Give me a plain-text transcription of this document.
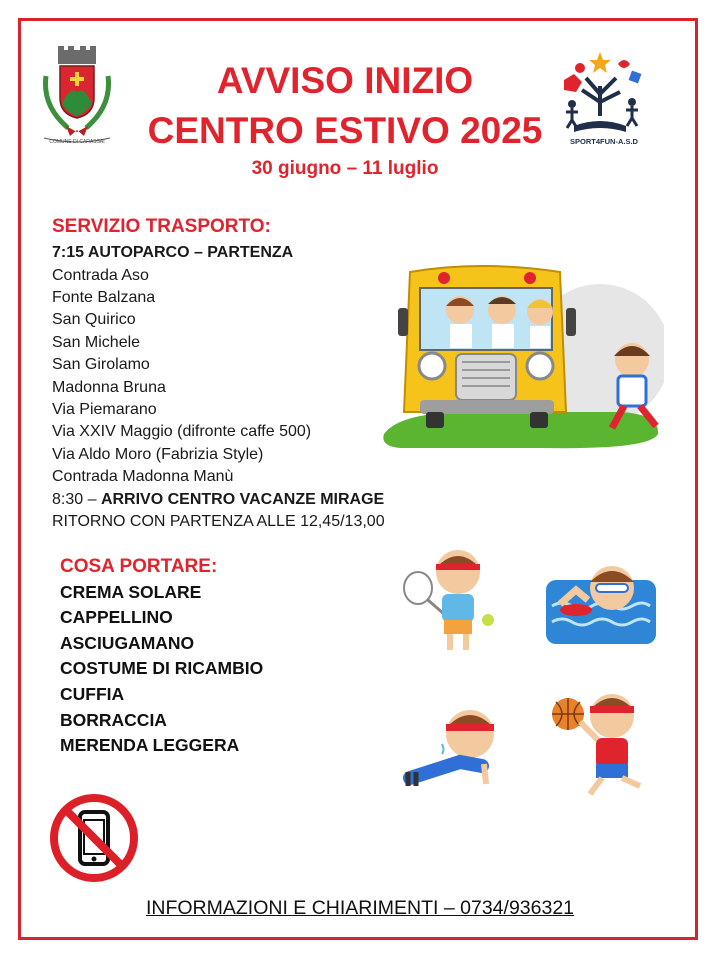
COMUNE DI CARASSAI
AVVISO INIZIO
CENTRO ESTIVO 2025
30 giugno – 11 luglio
SPORT4FUN-A.S.D
SERVIZIO TRASPORTO:
7:15 AUTOPARCO – PARTENZA
Contrada Aso
Fonte Balzana
San Quirico
San Michele
San Girolamo
Madonna Bruna
Via Piemarano
Via XXIV Maggio (difronte caffe 500)
Via Aldo Moro (Fabrizia Style)
Contrada Madonna Manù
8:30 – ARRIVO CENTRO VACANZE MIRAGE
RITORNO CON PARTENZA ALLE 12,45/13,00
COSA PORTARE:
CREMA SOLARE
CAPPELLINO
ASCIUGAMANO
COSTUME DI RICAMBIO
CUFFIA
BORRACCIA
MERENDA LEGGERA
INFORMAZIONI E CHIARIMENTI – 0734/936321
